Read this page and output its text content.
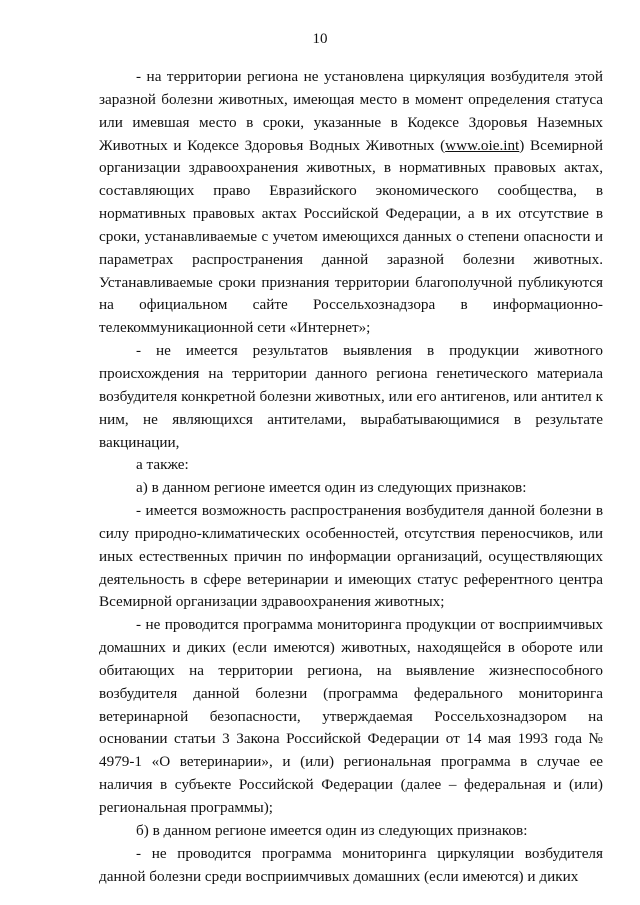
10

- на территории региона не установлена циркуляция возбудителя этой заразной болезни животных, имеющая место в момент определения статуса или имевшая место в сроки, указанные в Кодексе Здоровья Наземных Животных и Кодексе Здоровья Водных Животных (www.oie.int) Всемирной организации здравоохранения животных, в нормативных правовых актах, составляющих право Евразийского экономического сообщества, в нормативных правовых актах Российской Федерации, а в их отсутствие в сроки, устанавливаемые с учетом имеющихся данных о степени опасности и параметрах распространения данной заразной болезни животных. Устанавливаемые сроки признания территории благополучной публикуются на официальном сайте Россельхознадзора в информационно-телекоммуникационной сети «Интернет»;

- не имеется результатов выявления в продукции животного происхождения на территории данного региона генетического материала возбудителя конкретной болезни животных, или его антигенов, или антител к ним, не являющихся антителами, вырабатывающимися в результате вакцинации,

а также:

а) в данном регионе имеется один из следующих признаков:

- имеется возможность распространения возбудителя данной болезни в силу природно-климатических особенностей, отсутствия переносчиков, или иных естественных причин по информации организаций, осуществляющих деятельность в сфере ветеринарии и имеющих статус референтного центра Всемирной организации здравоохранения животных;

- не проводится программа мониторинга продукции от восприимчивых домашних и диких (если имеются) животных, находящейся в обороте или обитающих на территории региона, на выявление жизнеспособного возбудителя данной болезни (программа федерального мониторинга ветеринарной безопасности, утверждаемая Россельхознадзором на основании статьи 3 Закона Российской Федерации от 14 мая 1993 года № 4979-1 «О ветеринарии», и (или) региональная программа в случае ее наличия в субъекте Российской Федерации (далее – федеральная и (или) региональная программы);

б) в данном регионе имеется один из следующих признаков:

- не проводится программа мониторинга циркуляции возбудителя данной болезни среди восприимчивых домашних (если имеются) и диких
